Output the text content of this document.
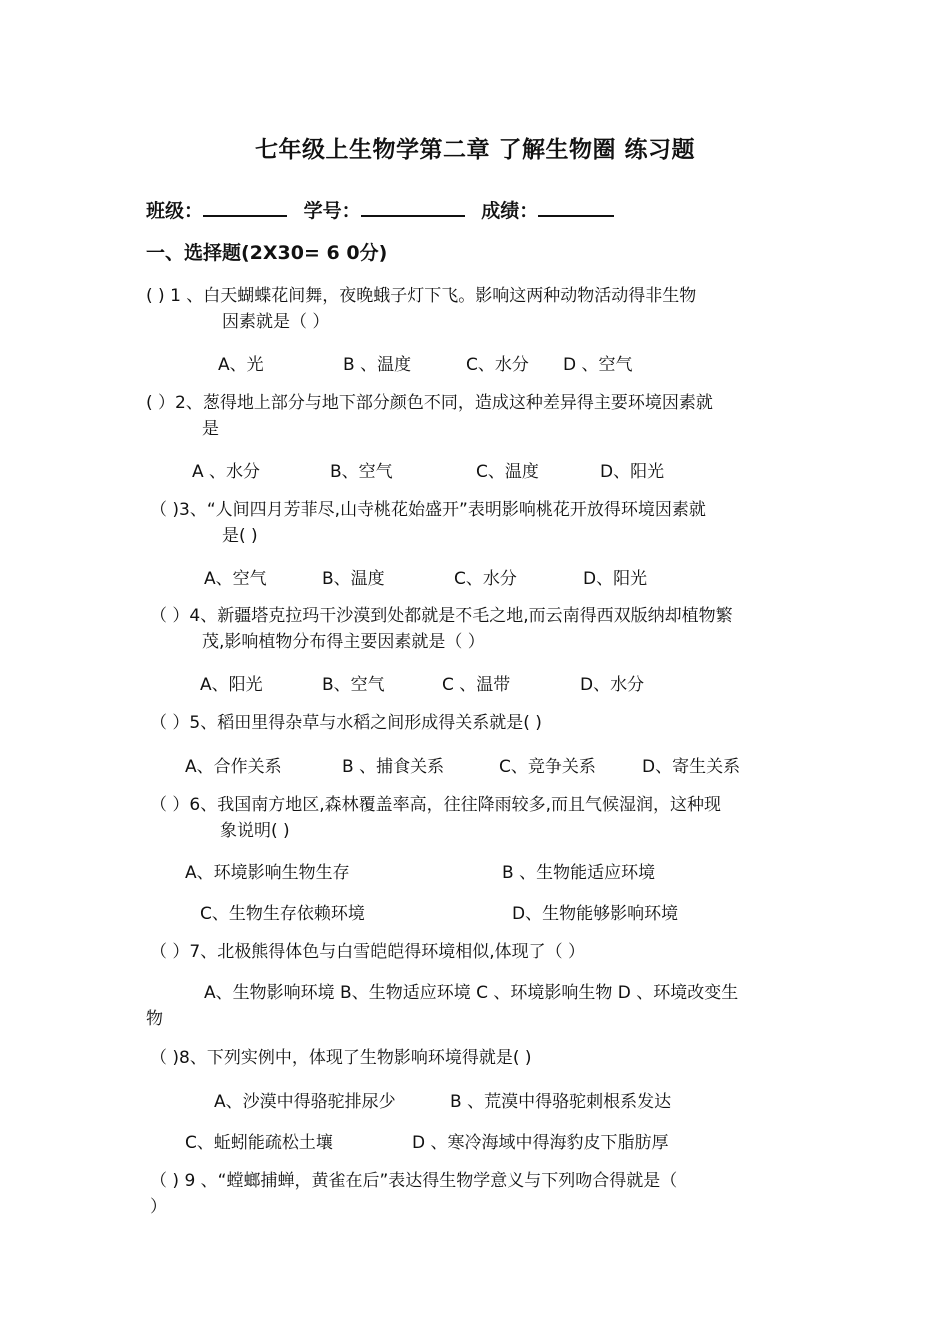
七年级上生物学第二章 了解生物圈 练习题
班级：	学号：	成绩：
一、选择题(2X30= 6 0分)
( ) 1 、白天蝴蝶花间舞，夜晚蛾子灯下飞。影响这两种动物活动得非生物
因素就是（ ）
A、光	B 、温度	C、水分 D 、空气
( ）2、葱得地上部分与地下部分颜色不同，造成这种差异得主要环境因素就
是
A 、水分	B、空气	C、温度	D、阳光
（ )3、“人间四月芳菲尽,山寺桃花始盛开”表明影响桃花开放得环境因素就
是( )
A、空气	B、温度	C、水分	D、阳光
（ ）4、新疆塔克拉玛干沙漠到处都就是不毛之地,而云南得西双版纳却植物繁
茂,影响植物分布得主要因素就是（ ）
A、阳光	B、空气	C 、温带	D、水分
（ ）5、稻田里得杂草与水稻之间形成得关系就是( )
A、合作关系	B 、捕食关系	C、竞争关系	D、寄生关系
（ ）6、我国南方地区,森林覆盖率高，往往降雨较多,而且气候湿润，这种现
象说明( )
A、环境影响生物生存	B 、生物能适应环境
C、生物生存依赖环境	D、生物能够影响环境
（ ）7、北极熊得体色与白雪皑皑得环境相似,体现了（ ）
A、生物影响环境 B、生物适应环境 C 、环境影响生物 D 、环境改变生
物
（ )8、下列实例中，体现了生物影响环境得就是( )
A、沙漠中得骆驼排尿少	B 、荒漠中得骆驼刺根系发达
C、蚯蚓能疏松土壤	D 、寒冷海域中得海豹皮下脂肪厚
（ ) 9 、“螳螂捕蝉，黄雀在后”表达得生物学意义与下列吻合得就是（
）
